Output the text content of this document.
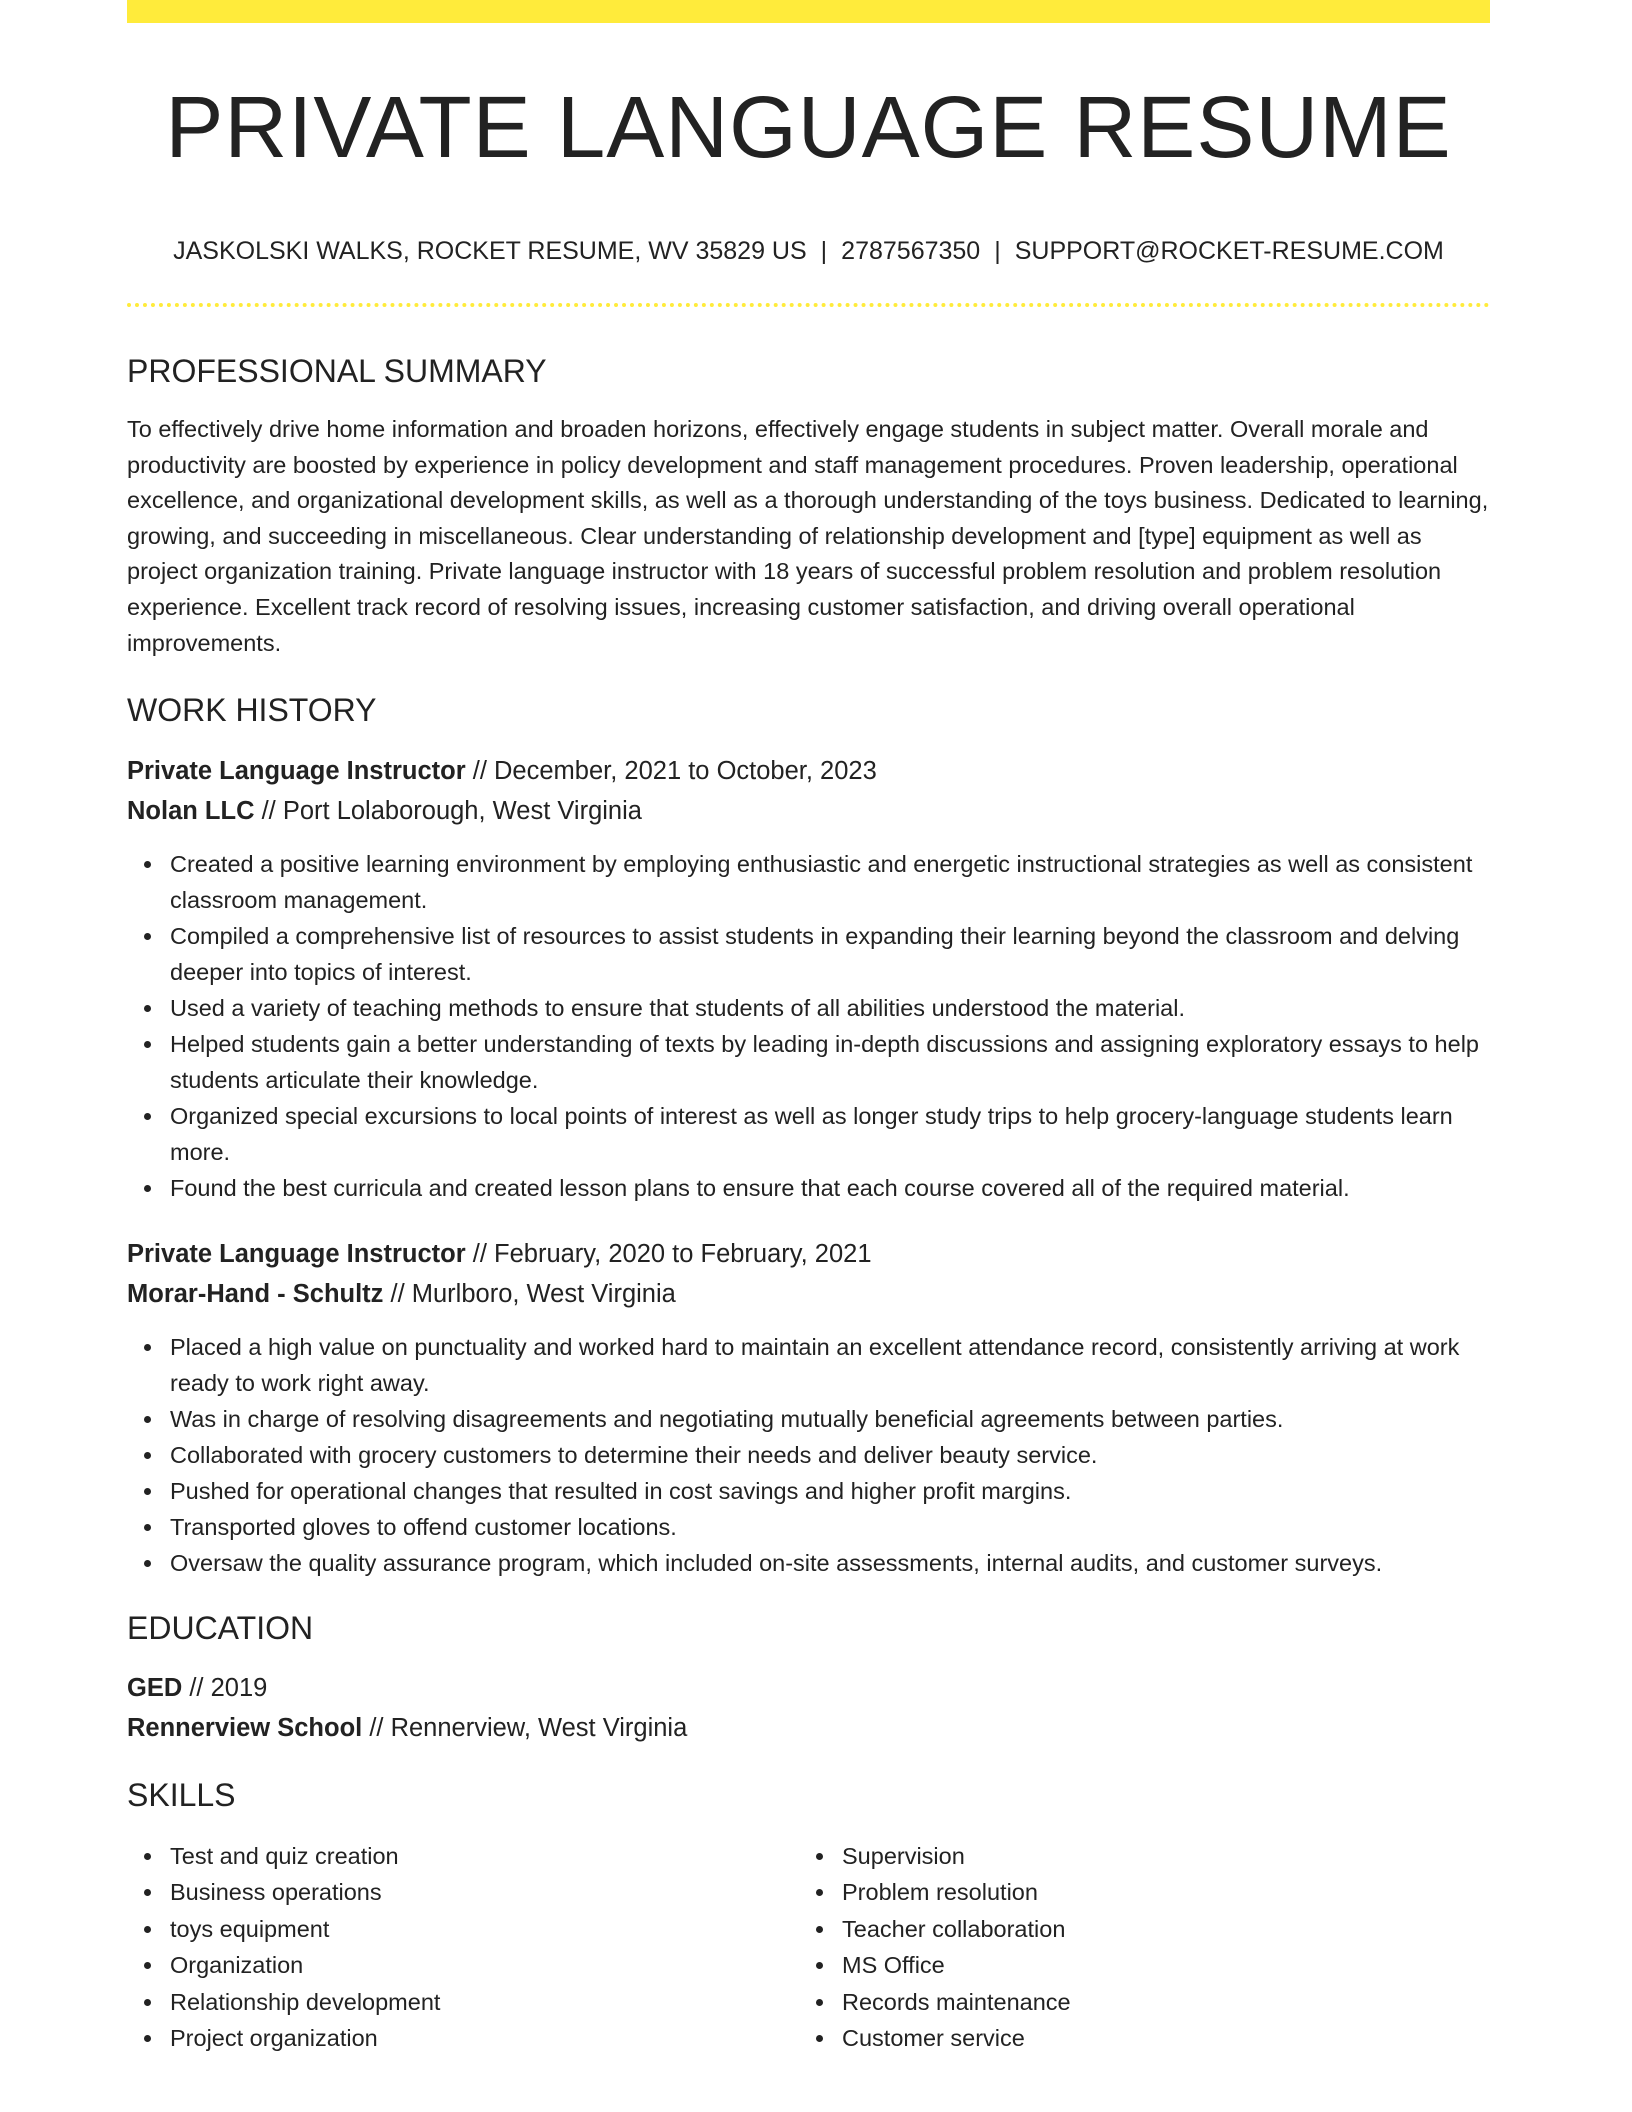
PRIVATE LANGUAGE RESUME
JASKOLSKI WALKS, ROCKET RESUME, WV 35829 US | 2787567350 | SUPPORT@ROCKET-RESUME.COM
PROFESSIONAL SUMMARY

To effectively drive home information and broaden horizons, effectively engage students in subject matter. Overall morale and productivity are boosted by experience in policy development and staff management procedures. Proven leadership, operational excellence, and organizational development skills, as well as a thorough understanding of the toys business. Dedicated to learning, growing, and succeeding in miscellaneous. Clear understanding of relationship development and [type] equipment as well as project organization training. Private language instructor with 18 years of successful problem resolution and problem resolution experience. Excellent track record of resolving issues, increasing customer satisfaction, and driving overall operational improvements.

WORK HISTORY
Private Language Instructor // December, 2021 to October, 2023
Nolan LLC // Port Lolaborough, West Virginia
Created a positive learning environment by employing enthusiastic and energetic instructional strategies as well as consistent classroom management.
Compiled a comprehensive list of resources to assist students in expanding their learning beyond the classroom and delving deeper into topics of interest.
Used a variety of teaching methods to ensure that students of all abilities understood the material.
Helped students gain a better understanding of texts by leading in-depth discussions and assigning exploratory essays to help students articulate their knowledge.
Organized special excursions to local points of interest as well as longer study trips to help grocery-language students learn more.
Found the best curricula and created lesson plans to ensure that each course covered all of the required material.
Private Language Instructor // February, 2020 to February, 2021
Morar-Hand - Schultz // Murlboro, West Virginia
Placed a high value on punctuality and worked hard to maintain an excellent attendance record, consistently arriving at work ready to work right away.
Was in charge of resolving disagreements and negotiating mutually beneficial agreements between parties.
Collaborated with grocery customers to determine their needs and deliver beauty service.
Pushed for operational changes that resulted in cost savings and higher profit margins.
Transported gloves to offend customer locations.
Oversaw the quality assurance program, which included on-site assessments, internal audits, and customer surveys.
EDUCATION
GED // 2019
Rennerview School // Rennerview, West Virginia
SKILLS
Test and quiz creation
Business operations
toys equipment
Organization
Relationship development
Project organization
Supervision
Problem resolution
Teacher collaboration
MS Office
Records maintenance
Customer service
